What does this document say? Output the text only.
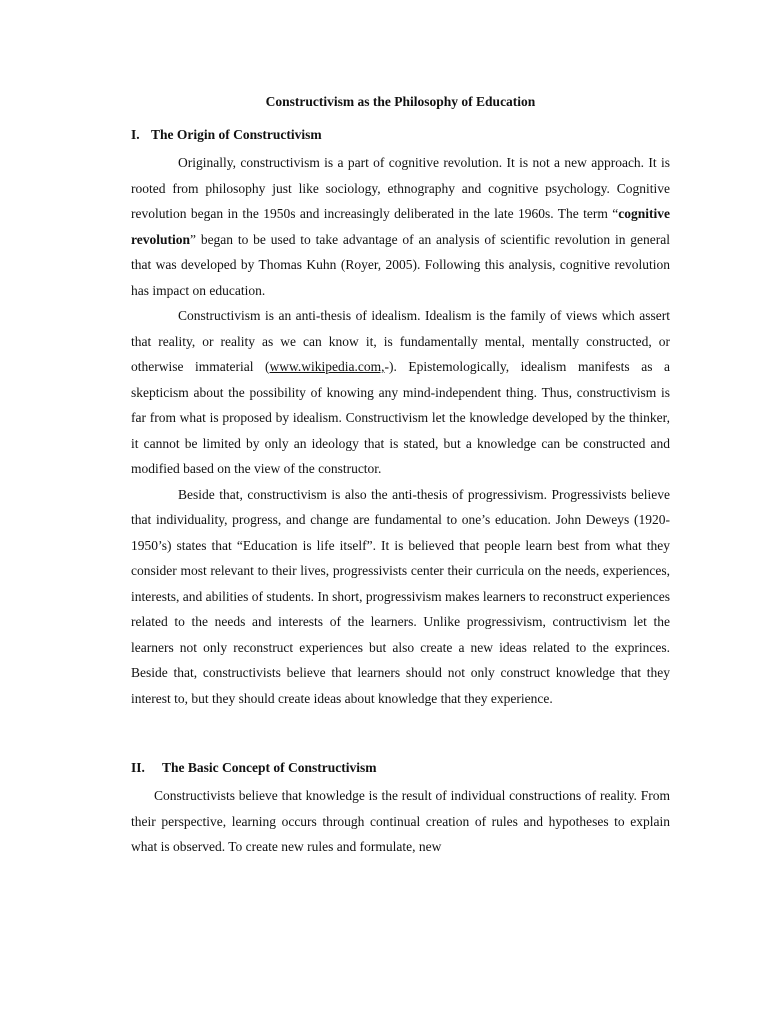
Constructivism as the Philosophy of Education

I. The Origin of Constructivism

Originally, constructivism is a part of cognitive revolution. It is not a new approach. It is rooted from philosophy just like sociology, ethnography and cognitive psychology. Cognitive revolution began in the 1950s and increasingly deliberated in the late 1960s. The term “cognitive revolution” began to be used to take advantage of an analysis of scientific revolution in general that was developed by Thomas Kuhn (Royer, 2005). Following this analysis, cognitive revolution has impact on education.

Constructivism is an anti-thesis of idealism. Idealism is the family of views which assert that reality, or reality as we can know it, is fundamentally mental, mentally constructed, or otherwise immaterial (www.wikipedia.com,-). Epistemologically, idealism manifests as a skepticism about the possibility of knowing any mind-independent thing. Thus, constructivism is far from what is proposed by idealism. Constructivism let the knowledge developed by the thinker, it cannot be limited by only an ideology that is stated, but a knowledge can be constructed and modified based on the view of the constructor.

Beside that, constructivism is also the anti-thesis of progressivism. Progressivists believe that individuality, progress, and change are fundamental to one’s education. John Deweys (1920-1950’s) states that “Education is life itself”. It is believed that people learn best from what they consider most relevant to their lives, progressivists center their curricula on the needs, experiences, interests, and abilities of students. In short, progressivism makes learners to reconstruct experiences related to the needs and interests of the learners. Unlike progressivism, contructivism let the learners not only reconstruct experiences but also create a new ideas related to the exprinces. Beside that, constructivists believe that learners should not only construct knowledge that they interest to, but they should create ideas about knowledge that they experience.

II.	The Basic Concept of Constructivism

Constructivists believe that knowledge is the result of individual constructions of reality. From their perspective, learning occurs through continual creation of rules and hypotheses to explain what is observed. To create new rules and formulate, new
